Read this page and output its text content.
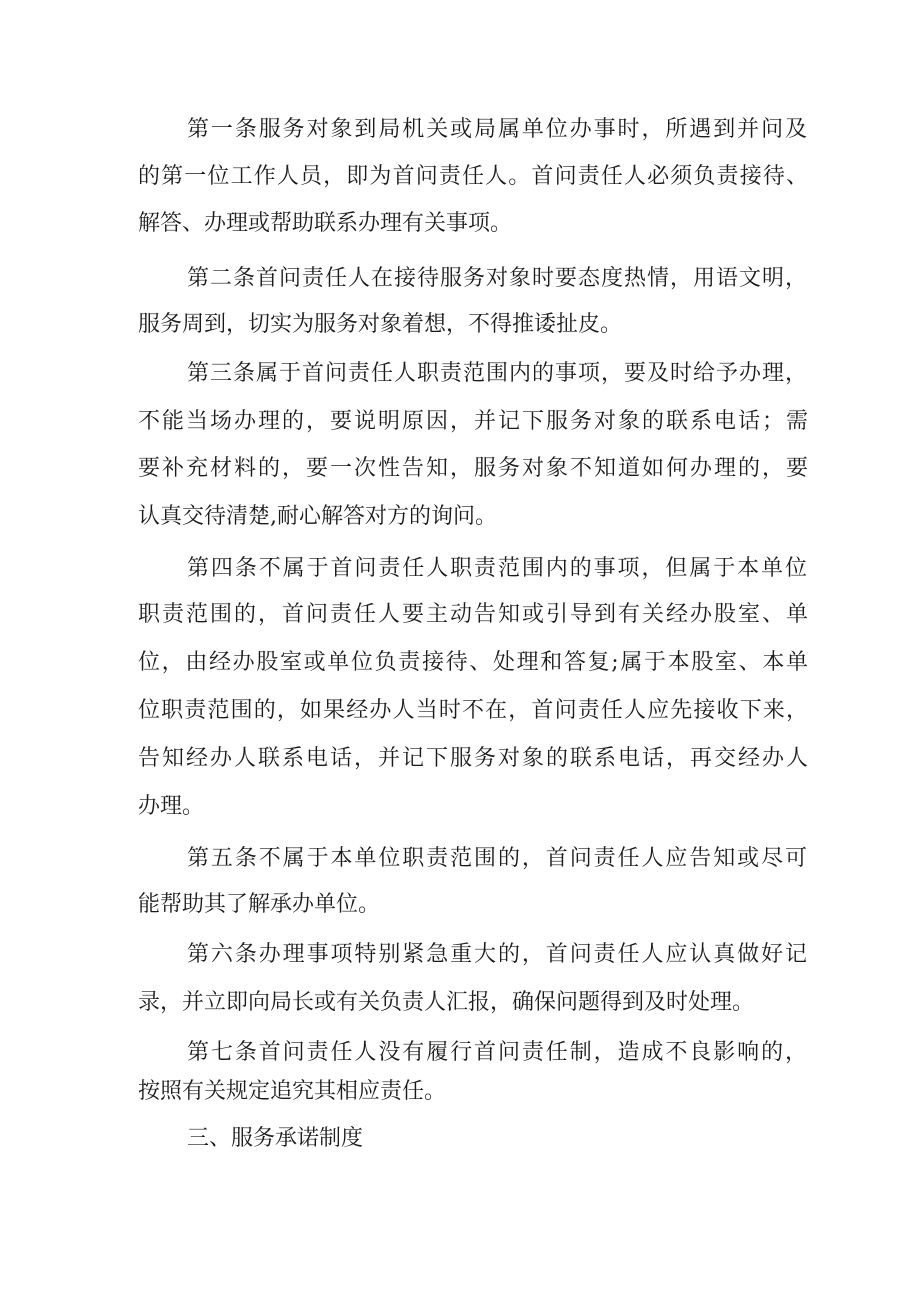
第一条服务对象到局机关或局属单位办事时，所遇到并问及
的第一位工作人员，即为首问责任人。首问责任人必须负责接待、
解答、办理或帮助联系办理有关事项。
第二条首问责任人在接待服务对象时要态度热情，用语文明，
服务周到，切实为服务对象着想，不得推诿扯皮。
第三条属于首问责任人职责范围内的事项，要及时给予办理，
不能当场办理的，要说明原因，并记下服务对象的联系电话；需
要补充材料的，要一次性告知，服务对象不知道如何办理的，要
认真交待清楚,耐心解答对方的询问。
第四条不属于首问责任人职责范围内的事项，但属于本单位
职责范围的，首问责任人要主动告知或引导到有关经办股室、单
位，由经办股室或单位负责接待、处理和答复;属于本股室、本单
位职责范围的，如果经办人当时不在，首问责任人应先接收下来，
告知经办人联系电话，并记下服务对象的联系电话，再交经办人
办理。
第五条不属于本单位职责范围的，首问责任人应告知或尽可
能帮助其了解承办单位。
第六条办理事项特别紧急重大的，首问责任人应认真做好记
录，并立即向局长或有关负责人汇报，确保问题得到及时处理。
第七条首问责任人没有履行首问责任制，造成不良影响的，
按照有关规定追究其相应责任。
三、服务承诺制度
